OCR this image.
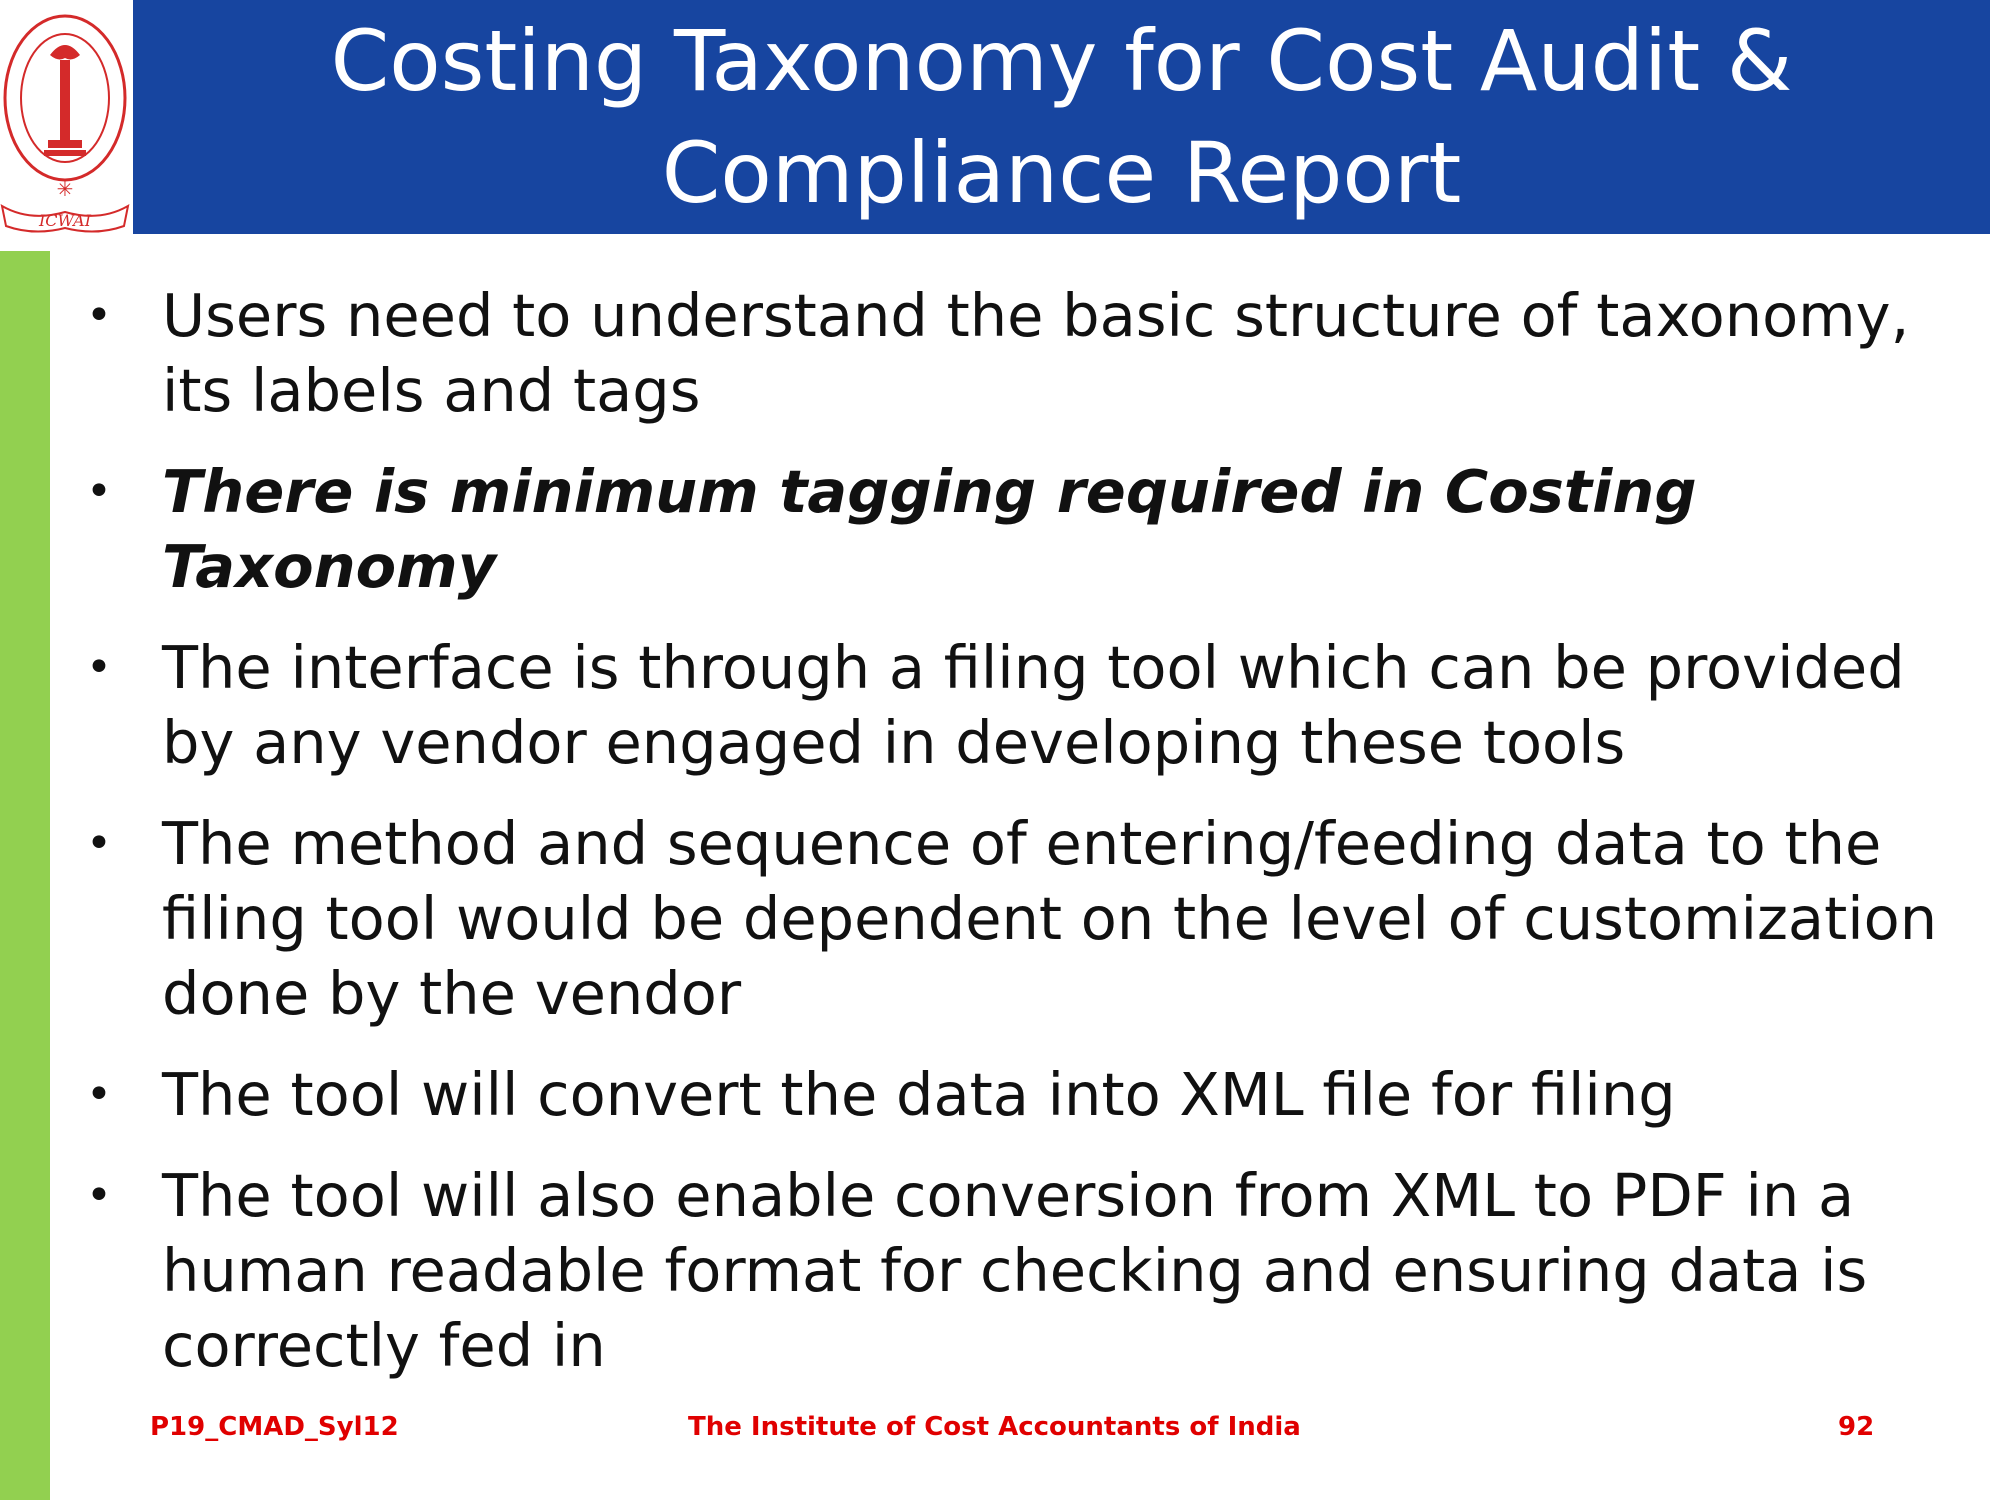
✳
ICWAI
Costing Taxonomy for Cost Audit & Compliance Report
• Users need to understand the basic structure of taxonomy, its labels and tags
• There is minimum tagging required in Costing Taxonomy
• The interface is through a filing tool which can be provided by any vendor engaged in developing these tools
• The method and sequence of entering/feeding data to the filing tool would be dependent on the level of customization done by the vendor
• The tool will convert the data into XML file for filing
• The tool will also enable conversion from XML to PDF in a human readable format for checking and ensuring data is correctly fed in
P19_CMAD_Syl12	The Institute of Cost Accountants of India	92
